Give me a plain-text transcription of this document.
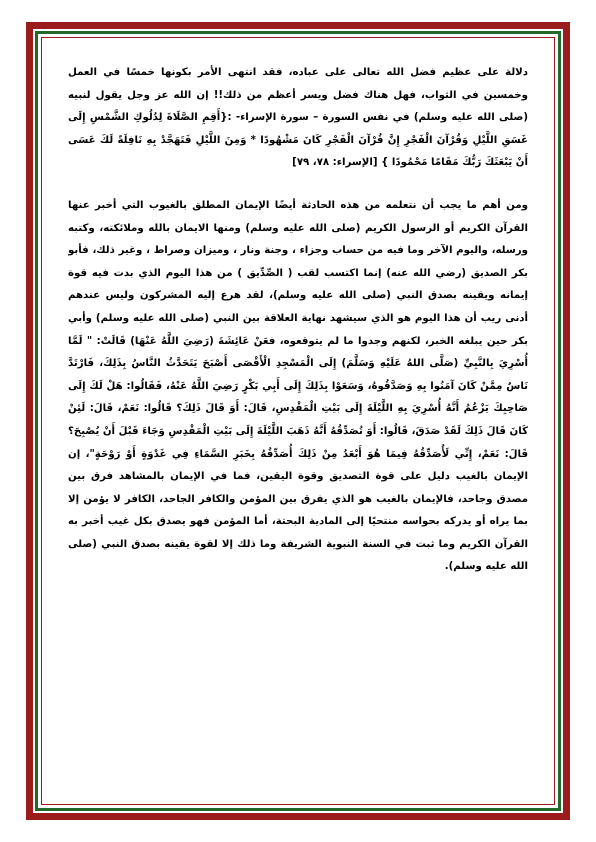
دلالة على عظيم فضل الله تعالى على عباده، فقد انتهى الأمر بكونها خمسًا في العمل وخمسين في الثواب، فهل هناك فضل ويسر أعظم من ذلك!! إن الله عز وجل يقول لنبيه (صلى الله عليه وسلم) في نفس السورة – سورة الإسراء- :{أَقِمِ الصَّلَاةَ لِدُلُوكِ الشَّمْسِ إِلَى غَسَقِ اللَّيْلِ وَقُرْآنَ الْفَجْرِ إِنَّ قُرْآنَ الْفَجْرِ كَانَ مَشْهُودًا * وَمِنَ اللَّيْلِ فَتَهَجَّدْ بِهِ نَافِلَةً لَكَ عَسَى أَنْ يَبْعَثَكَ رَبُّكَ مَقَامًا مَحْمُودًا } [الإسراء: ٧٨، ٧٩]

ومن أهم ما يجب أن نتعلمه من هذه الحادثة أيضًا الإيمان المطلق بالغيوب التي أخبر عنها القرآن الكريم أو الرسول الكريم (صلى الله عليه وسلم) ومنها الايمان بالله وملائكته، وكتبه ورسله، واليوم الآخر وما فيه من حساب وجزاء ، وجنة ونار ، وميزان وصراط ، وغير ذلك، فأبو بكر الصديق (رضي الله عنه) إنما اكتسب لقب ( الصِّدِّيق ) من هذا اليوم الذي بدت فيه قوة إيمانه ويقينه بصدق النبي (صلى الله عليه وسلم)، لقد هرع إليه المشركون وليس عندهم أدنى ريب أن هذا اليوم هو الذي سيشهد نهاية العلاقة بين النبي (صلى الله عليه وسلم) وأبي بكر حين يبلغه الخبر، لكنهم وجدوا ما لم يتوقعوه، فعَنْ عَائِشَةَ (رَضِيَ اللَّهُ عَنْهَا) قَالَتْ: " لَمَّا أُسْرِيَ بِالنَّبِيِّ (صَلَّى اللهُ عَلَيْهِ وَسَلَّمَ) إِلَى الْمَسْجِدِ الْأَقْصَى أَصْبَحَ يَتَحَدَّثُ النَّاسُ بِذَلِكَ، فَارْتَدَّ نَاسٌ مِمَّنْ كَانَ آمَنُوا بِهِ وَصَدَّقُوهُ، وَسَعَوْا بِذَلِكَ إِلَى أَبِي بَكْرٍ رَضِيَ اللَّهُ عَنْهُ، فَقَالُوا: هَلْ لَكَ إِلَى صَاحِبِكَ يَزْعُمُ أَنَّهُ أُسْرِيَ بِهِ اللَّيْلَةَ إِلَى بَيْتِ الْمَقْدِسِ، قَالَ: أَوَ قَالَ ذَلِكَ؟ قَالُوا: نَعَمْ، قَالَ: لَئِنْ كَانَ قَالَ ذَلِكَ لَقَدْ صَدَقَ، قَالُوا: أَوَ تُصَدِّقُهُ أَنَّهُ ذَهَبَ اللَّيْلَةَ إِلَى بَيْتِ الْمَقْدِسِ وَجَاءَ قَبْلَ أَنْ يُصْبِحَ؟ قَالَ: نَعَمْ، إِنِّي لَأُصَدِّقُهُ فِيمَا هُوَ أَبْعَدُ مِنْ ذَلِكَ أُصَدِّقُهُ بِخَبَرِ السَّمَاءِ فِي غَدْوَةٍ أَوْ رَوْحَةٍ"، إن الإيمان بالغيب دليل على قوة التصديق وقوة اليقين، فما في الإيمان بالمشاهد فرق بين مصدق وجاحد، فالإيمان بالغيب هو الذي يفرق بين المؤمن والكافر الجاحد، الكافر لا يؤمن إلا بما يراه أو يدركه بحواسه منتحيًا إلى المادية البحتة، أما المؤمن فهو يصدق بكل غيب أخبر به القرآن الكريم وما ثبت في السنة النبوية الشريفة وما ذلك إلا لقوة يقينه بصدق النبي (صلى الله عليه وسلم).
